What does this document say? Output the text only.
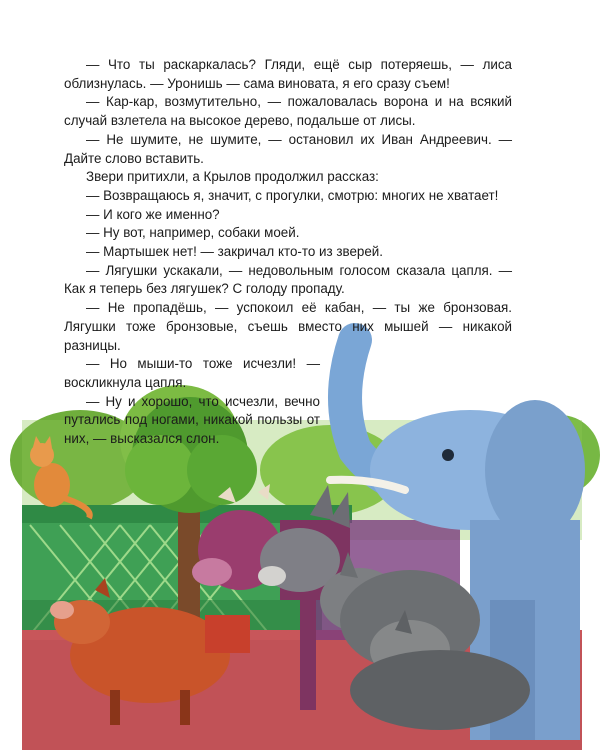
— Что ты раскаркалась? Гляди, ещё сыр потеряешь, — лиса облизнулась. — Уронишь — сама виновата, я его сразу съем!

— Кар-кар, возмутительно, — пожаловалась ворона и на всякий случай взлетела на высокое дерево, подальше от лисы.

— Не шумите, не шумите, — остановил их Иван Андреевич. — Дайте слово вставить.

Звери притихли, а Крылов продолжил рассказ:

— Возвращаюсь я, значит, с прогулки, смотрю: многих не хватает!

— И кого же именно?

— Ну вот, например, собаки моей.

— Мартышек нет! — закричал кто-то из зверей.

— Лягушки ускакали, — недовольным голосом сказала цапля. — Как я теперь без лягушек? С голоду пропаду.

— Не пропадёшь, — успокоил её кабан, — ты же бронзовая. Лягушки тоже бронзовые, съешь вместо них мышей — никакой разницы.

— Но мыши-то тоже исчезли! — воскликнула цапля.

— Ну и хорошо, что исчезли, вечно путались под ногами, никакой пользы от них, — высказался слон.
